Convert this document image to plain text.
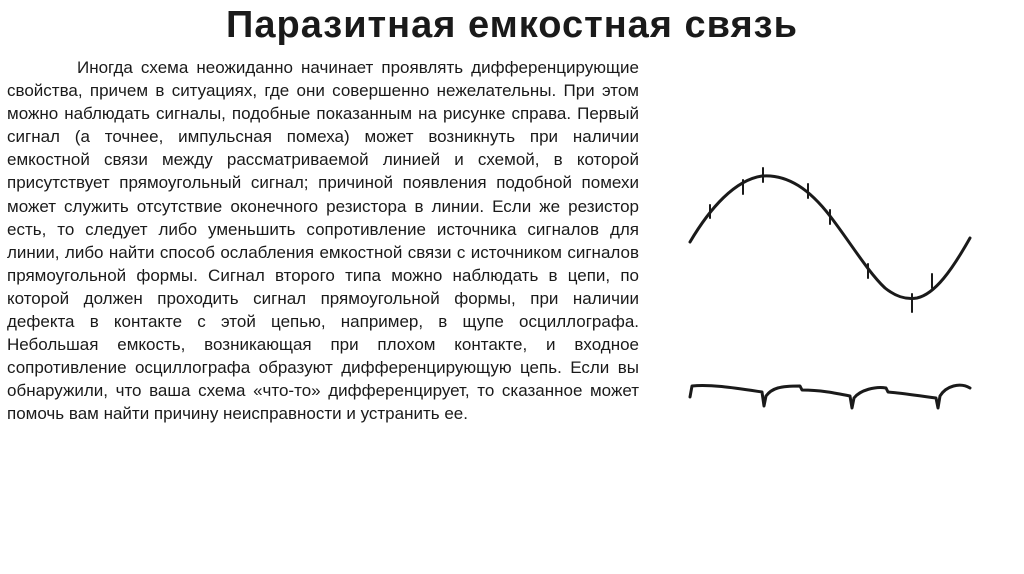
Паразитная емкостная связь

Иногда схема неожиданно начинает проявлять дифференцирующие свойства, причем в ситуациях, где они совершенно нежелательны. При этом можно наблюдать сигналы, подобные показанным на рисунке справа. Первый сигнал (а точнее, импульсная помеха) может возникнуть при наличии емкостной связи между рассматриваемой линией и схемой, в которой присутствует прямоугольный сигнал; причиной появления подобной помехи может служить отсутствие оконечного резистора в линии. Если же резистор есть, то следует либо уменьшить сопротивление источника сигналов для линии, либо найти способ ослабления емкостной связи с источником сигналов прямоугольной формы. Сигнал второго типа можно наблюдать в цепи, по которой должен проходить сигнал прямоугольной формы, при наличии дефекта в контакте с этой цепью, например, в щупе осциллографа. Небольшая емкость, возникающая при плохом контакте, и входное сопротивление осциллографа образуют дифференцирующую цепь. Если вы обнаружили, что ваша схема «что-то» дифференцирует, то сказанное может помочь вам найти причину неисправности и устранить ее.
